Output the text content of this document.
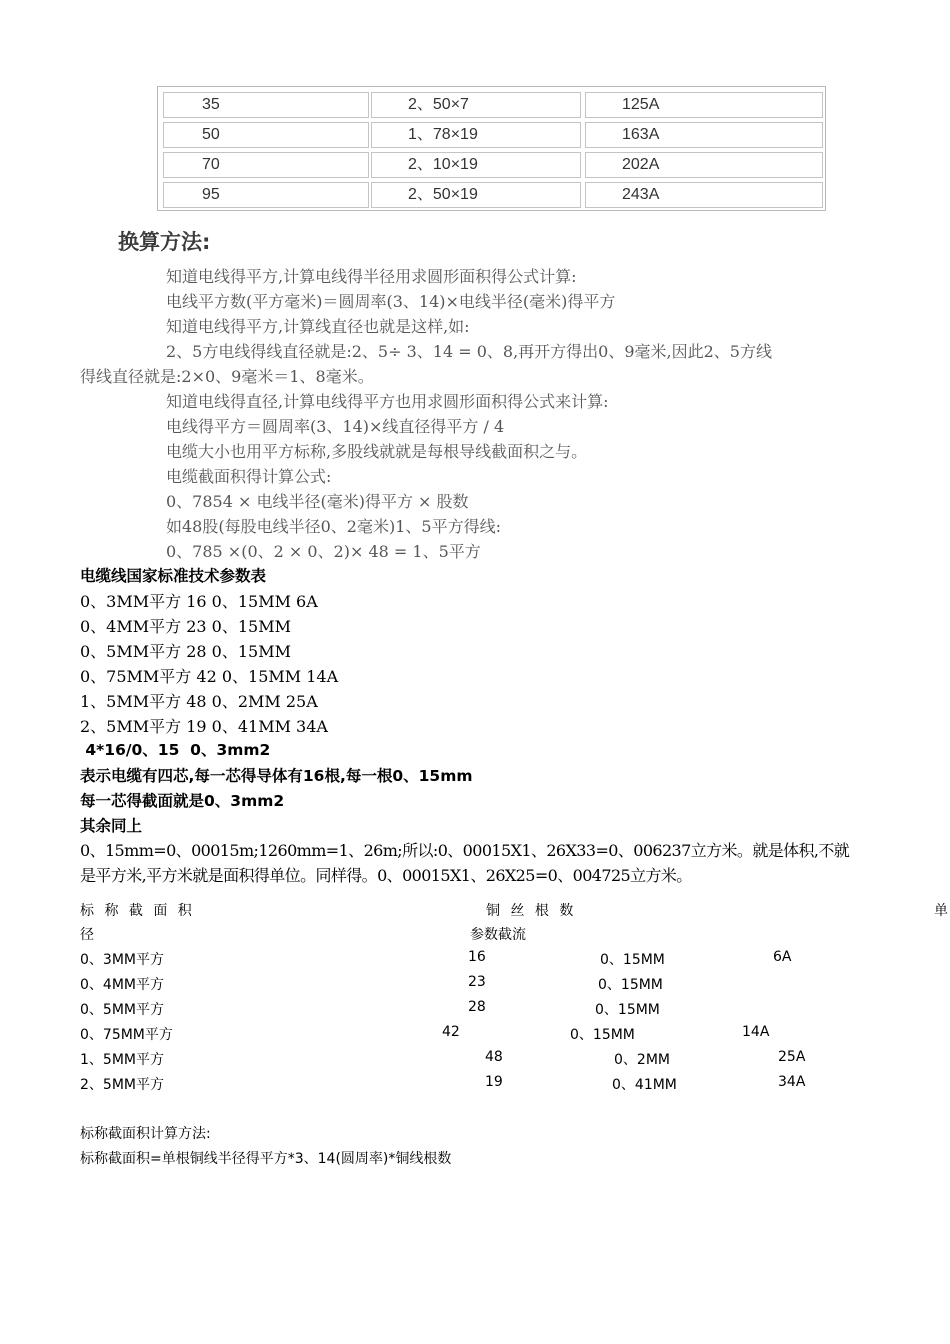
35	2、50×7	125A
50	1、78×19	163A
70	2、10×19	202A
95	2、50×19	243A
换算方法:
知道电线得平方,计算电线得半径用求圆形面积得公式计算:
电线平方数(平方毫米)＝圆周率(3、14)×电线半径(毫米)得平方
知道电线得平方,计算线直径也就是这样,如:
2、5方电线得线直径就是:2、5÷ 3、14 = 0、8,再开方得出0、9毫米,因此2、5方线
得线直径就是:2×0、9毫米＝1、8毫米。
知道电线得直径,计算电线得平方也用求圆形面积得公式来计算:
电线得平方＝圆周率(3、14)×线直径得平方 / 4
电缆大小也用平方标称,多股线就就是每根导线截面积之与。
电缆截面积得计算公式:
0、7854 × 电线半径(毫米)得平方 × 股数
如48股(每股电线半径0、2毫米)1、5平方得线:
0、785 ×(0、2 × 0、2)× 48 = 1、5平方
电缆线国家标准技术参数表
0、3MM平方 16 0、15MM 6A
0、4MM平方 23 0、15MM
0、5MM平方 28 0、15MM
0、75MM平方 42 0、15MM 14A
1、5MM平方 48 0、2MM 25A
2、5MM平方 19 0、41MM 34A
4*16/0、15  0、3mm2
表示电缆有四芯,每一芯得导体有16根,每一根0、15mm
每一芯得截面就是0、3mm2
其余同上
0、15mm=0、00015m;1260mm=1、26m;所以:0、00015X1、26X33=0、006237立方米。就是体积,不就
是平方米,平方米就是面积得单位。同样得。0、00015X1、26X25=0、004725立方米。
标 称 截 面 积	铜 丝 根 数	单
径	参数截流
0、3MM平方	16	0、15MM	6A
0、4MM平方	23	0、15MM
0、5MM平方	28	0、15MM
0、75MM平方	42	0、15MM	14A
1、5MM平方	48	0、2MM	25A
2、5MM平方	19	0、41MM	34A
标称截面积计算方法:
标称截面积=单根铜线半径得平方*3、14(圆周率)*铜线根数
